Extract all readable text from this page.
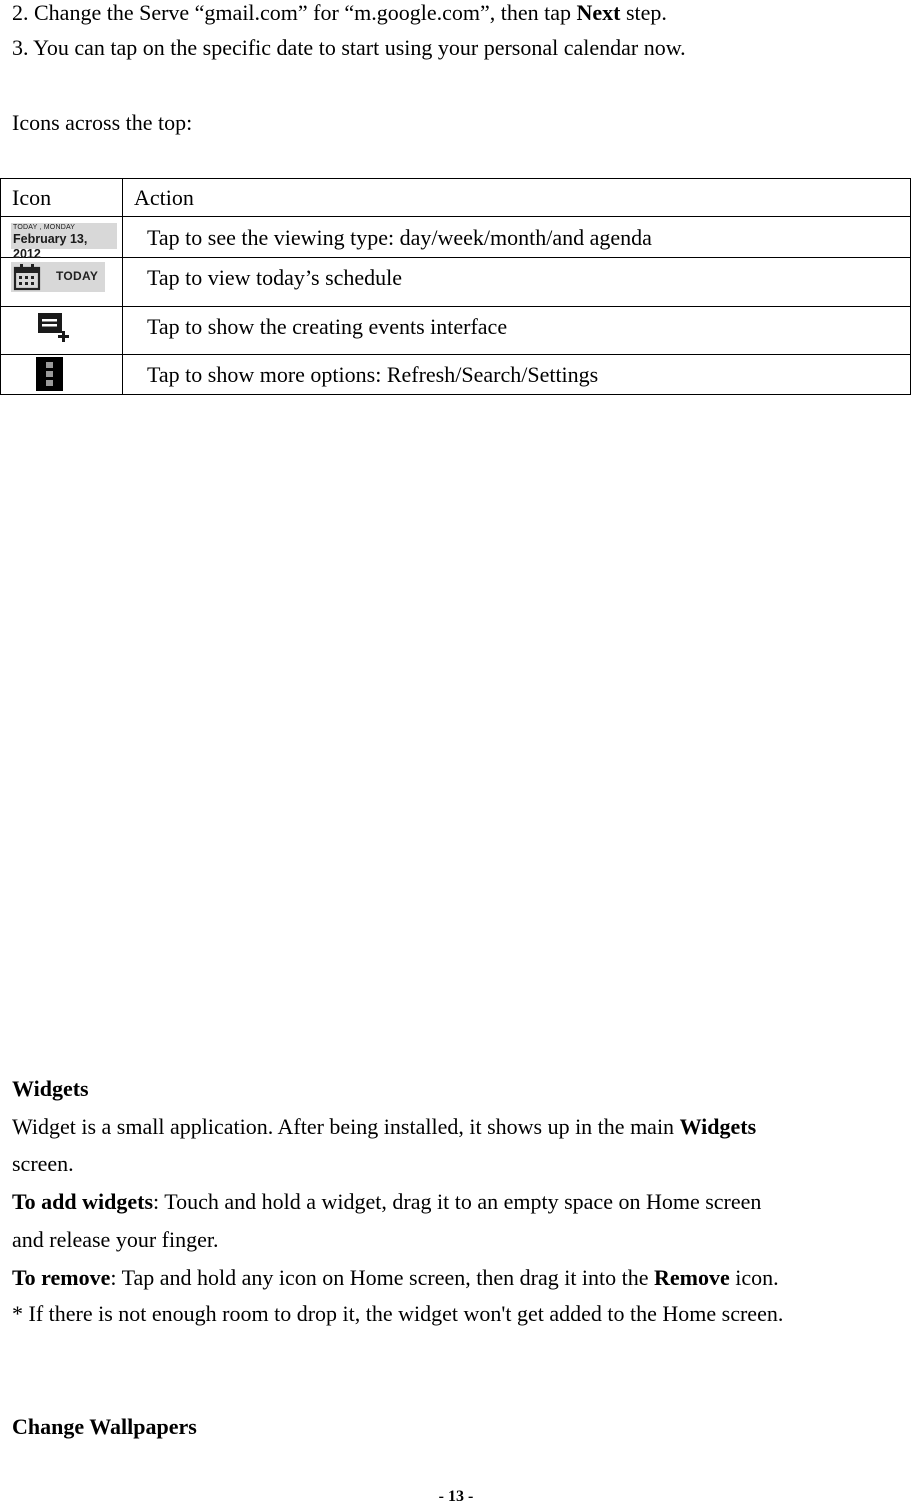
2. Change the Serve “gmail.com” for “m.google.com”, then tap Next step.
3. You can tap on the specific date to start using your personal calendar now.
Icons across the top:
Icon	Action
TODAY , MONDAY
February 13, 2012
Tap to see the viewing type: day/week/month/and agenda
TODAY Tap to view today’s schedule
Tap to show the creating events interface
Tap to show more options: Refresh/Search/Settings
Widgets
Widget is a small application. After being installed, it shows up in the main Widgets
screen.
To add widgets: Touch and hold a widget, drag it to an empty space on Home screen
and release your finger.
To remove: Tap and hold any icon on Home screen, then drag it into the Remove icon.
* If there is not enough room to drop it, the widget won't get added to the Home screen.
Change Wallpapers
- 13 -
